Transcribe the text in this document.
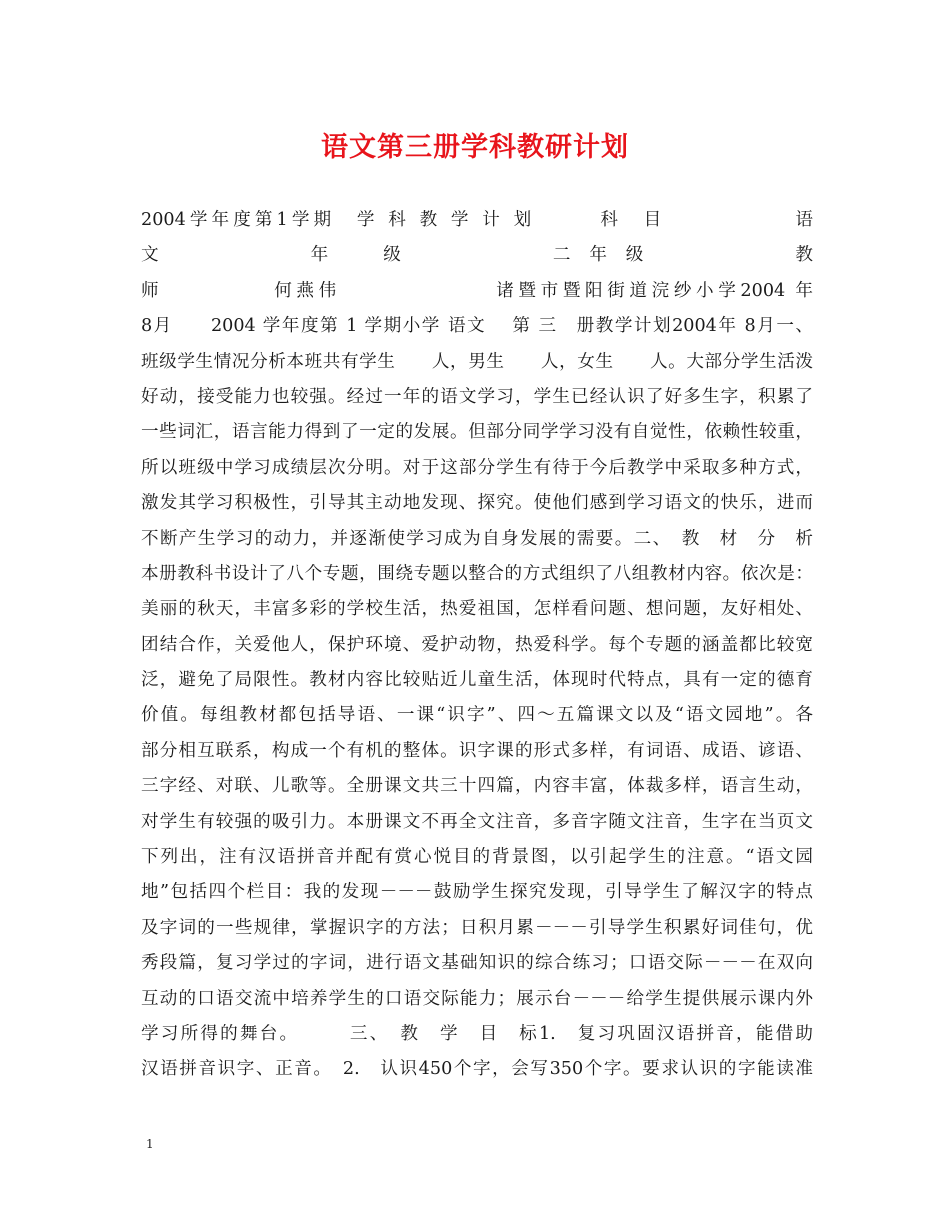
语文第三册学科教研计划
2004学年度第1学期　学 科 教 学 计 划　　　科　目　　　　　　语
文　　　　　　年　　级　　　　　　二 年 级　　　　　　教
师　　　　　何燕伟　　　　　　　诸暨市暨阳街道浣纱小学2004 年
8月　　2004 学年度第 1 学期小学 语文　 第 三　册教学计划2004年 8月一、
班级学生情况分析本班共有学生　　人，男生　　人，女生　　人。大部分学生活泼
好动，接受能力也较强。经过一年的语文学习，学生已经认识了好多生字，积累了
一些词汇，语言能力得到了一定的发展。但部分同学学习没有自觉性，依赖性较重，
所以班级中学习成绩层次分明。对于这部分学生有待于今后教学中采取多种方式，
激发其学习积极性，引导其主动地发现、探究。使他们感到学习语文的快乐，进而
不断产生学习的动力，并逐渐使学习成为自身发展的需要。二、　教　材　分　析
本册教科书设计了八个专题，围绕专题以整合的方式组织了八组教材内容。依次是：
美丽的秋天，丰富多彩的学校生活，热爱祖国，怎样看问题、想问题，友好相处、
团结合作，关爱他人，保护环境、爱护动物，热爱科学。每个专题的涵盖都比较宽
泛，避免了局限性。教材内容比较贴近儿童生活，体现时代特点，具有一定的德育
价值。每组教材都包括导语、一课“识字”、四～五篇课文以及“语文园地”。各
部分相互联系，构成一个有机的整体。识字课的形式多样，有词语、成语、谚语、
三字经、对联、儿歌等。全册课文共三十四篇，内容丰富，体裁多样，语言生动，
对学生有较强的吸引力。本册课文不再全文注音，多音字随文注音，生字在当页文
下列出，注有汉语拼音并配有赏心悦目的背景图，以引起学生的注意。“语文园
地”包括四个栏目：我的发现－－－鼓励学生探究发现，引导学生了解汉字的特点
及字词的一些规律，掌握识字的方法；日积月累－－－引导学生积累好词佳句，优
秀段篇，复习学过的字词，进行语文基础知识的综合练习；口语交际－－－在双向
互动的口语交流中培养学生的口语交际能力；展示台－－－给学生提供展示课内外
学习所得的舞台。　　　三、　教　学　目　标1.　复习巩固汉语拼音，能借助
汉语拼音识字、正音。　2.　认识450个字，会写350个字。要求认识的字能读准
1
